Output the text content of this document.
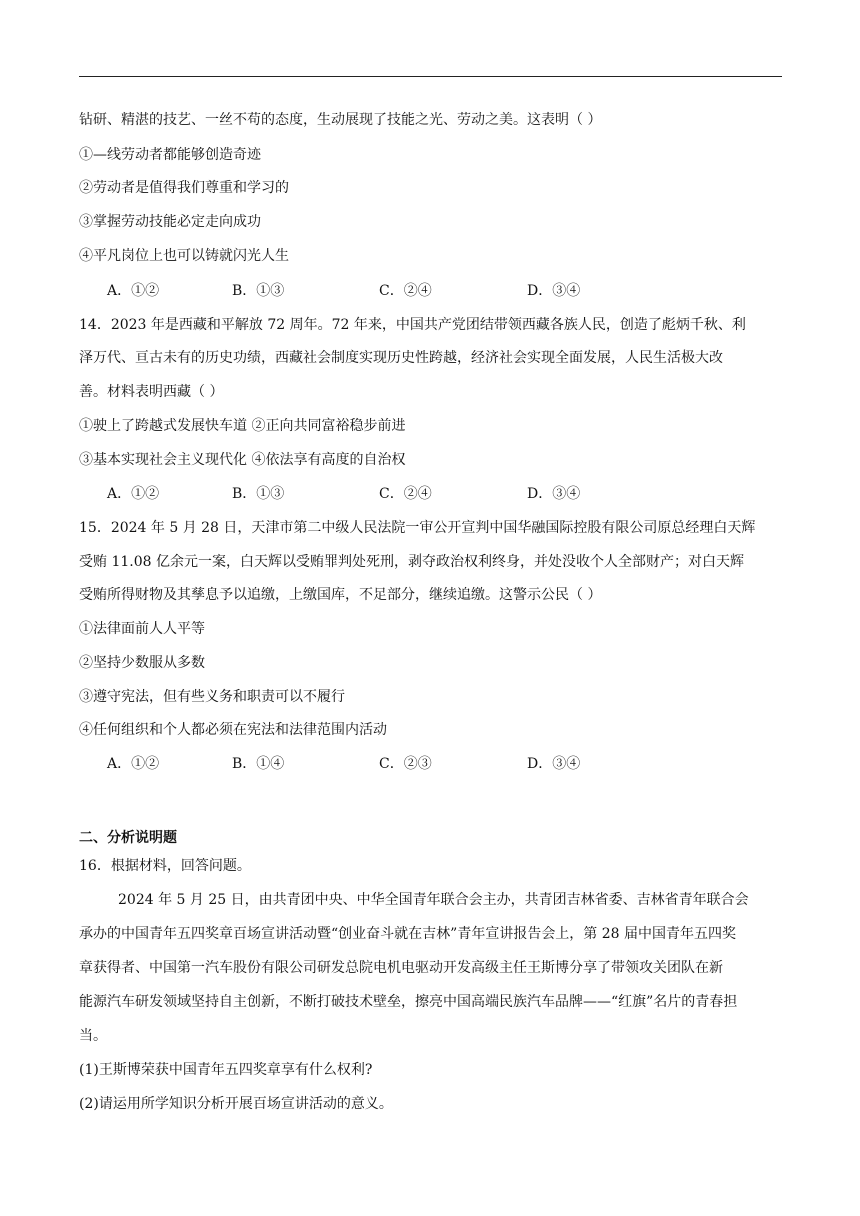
钻研、精湛的技艺、一丝不苟的态度，生动展现了技能之光、劳动之美。这表明（ ）
①—线劳动者都能够创造奇迹
②劳动者是值得我们尊重和学习的
③掌握劳动技能必定走向成功
④平凡岗位上也可以铸就闪光人生
A．①②	B．①③	C．②④	D．③④
14．2023 年是西藏和平解放 72 周年。72 年来，中国共产党团结带领西藏各族人民，创造了彪炳千秋、利
泽万代、亘古未有的历史功绩，西藏社会制度实现历史性跨越，经济社会实现全面发展，人民生活极大改
善。材料表明西藏（ ）
①驶上了跨越式发展快车道 ②正向共同富裕稳步前进
③基本实现社会主义现代化 ④依法享有高度的自治权
A．①②	B．①③	C．②④	D．③④
15．2024 年 5 月 28 日，天津市第二中级人民法院一审公开宣判中国华融国际控股有限公司原总经理白天辉
受贿 11.08 亿余元一案，白天辉以受贿罪判处死刑，剥夺政治权利终身，并处没收个人全部财产；对白天辉
受贿所得财物及其孳息予以追缴，上缴国库，不足部分，继续追缴。这警示公民（ ）
①法律面前人人平等
②坚持少数服从多数
③遵守宪法，但有些义务和职责可以不履行
④任何组织和个人都必须在宪法和法律范围内活动
A．①②	B．①④	C．②③	D．③④
二、分析说明题
16．根据材料，回答问题。
2024 年 5 月 25 日，由共青团中央、中华全国青年联合会主办，共青团吉林省委、吉林省青年联合会
承办的中国青年五四奖章百场宣讲活动暨“创业奋斗就在吉林”青年宣讲报告会上，第 28 届中国青年五四奖
章获得者、中国第一汽车股份有限公司研发总院电机电驱动开发高级主任王斯博分享了带领攻关团队在新
能源汽车研发领域坚持自主创新，不断打破技术壁垒，擦亮中国高端民族汽车品牌——“红旗”名片的青春担
当。
(1)王斯博荣获中国青年五四奖章享有什么权利?
(2)请运用所学知识分析开展百场宣讲活动的意义。
